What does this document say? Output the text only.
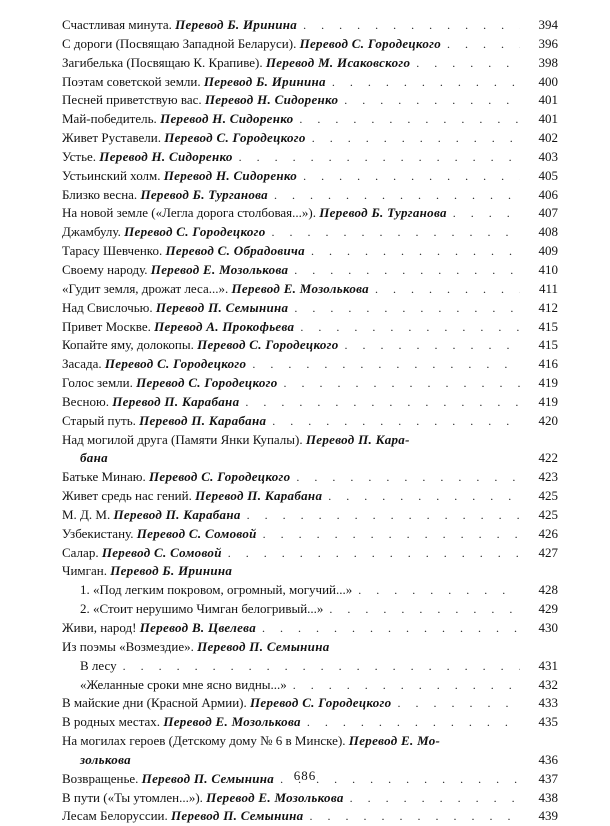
Счастливая минута. Перевод Б. Иринина . . .	394
С дороги (Посвящаю Западной Беларуси). Перевод С. Городецкого . . .	396
Загибелька (Посвящаю К. Крапиве). Перевод М. Исаковского . . .	398
Поэтам советской земли. Перевод Б. Иринина . . .	400
Песней приветствую вас. Перевод Н. Сидоренко . . .	401
Май-победитель. Перевод Н. Сидоренко . . .	401
Живет Руставели. Перевод С. Городецкого . . .	402
Устье. Перевод Н. Сидоренко . . .	403
Устьинский холм. Перевод Н. Сидоренко . . .	405
Близко весна. Перевод Б. Турганова . . .	406
На новой земле («Легла дорога столбовая...»). Перевод Б. Турганова . . .	407
Джамбулу. Перевод С. Городецкого . . .	408
Тарасу Шевченко. Перевод С. Обрадовича . . .	409
Своему народу. Перевод Е. Мозолькова . . .	410
«Гудит земля, дрожат леса...». Перевод Е. Мозолькова . . .	411
Над Свислочью. Перевод П. Семынина . . .	412
Привет Москве. Перевод А. Прокофьева . . .	415
Копайте яму, долокопы. Перевод С. Городецкого . . .	415
Засада. Перевод С. Городецкого . . .	416
Голос земли. Перевод С. Городецкого . . .	419
Весною. Перевод П. Карабана . . .	419
Старый путь. Перевод П. Карабана . . .	420
Над могилой друга (Памяти Янки Купалы). Перевод П. Кара-
бана	422
Батьке Минаю. Перевод С. Городецкого . . .	423
Живет средь нас гений. Перевод П. Карабана . . .	425
М. Д. М. Перевод П. Карабана . . .	425
Узбекистану. Перевод С. Сомовой . . .	426
Салар. Перевод С. Сомовой . . .	427
Чимган. Перевод Б. Иринина
1. «Под легким покровом, огромный, могучий...» . . .	428
2. «Стоит нерушимо Чимган белогривый...» . . .	429
Живи, народ! Перевод В. Цвелева . . .	430
Из поэмы «Возмездие». Перевод П. Семынина
В лесу . . .	431
«Желанные сроки мне ясно видны...» . . .	432
В майские дни (Красной Армии). Перевод С. Городецкого . . .	433
В родных местах. Перевод Е. Мозолькова . . .	435
На могилах героев (Детскому дому № 6 в Минске). Перевод Е. Мо-
золькова	436
Возвращенье. Перевод П. Семынина . . .	437
В пути («Ты утомлен...»). Перевод Е. Мозолькова . . .	438
Лесам Белоруссии. Перевод П. Семынина . . .	439
686
